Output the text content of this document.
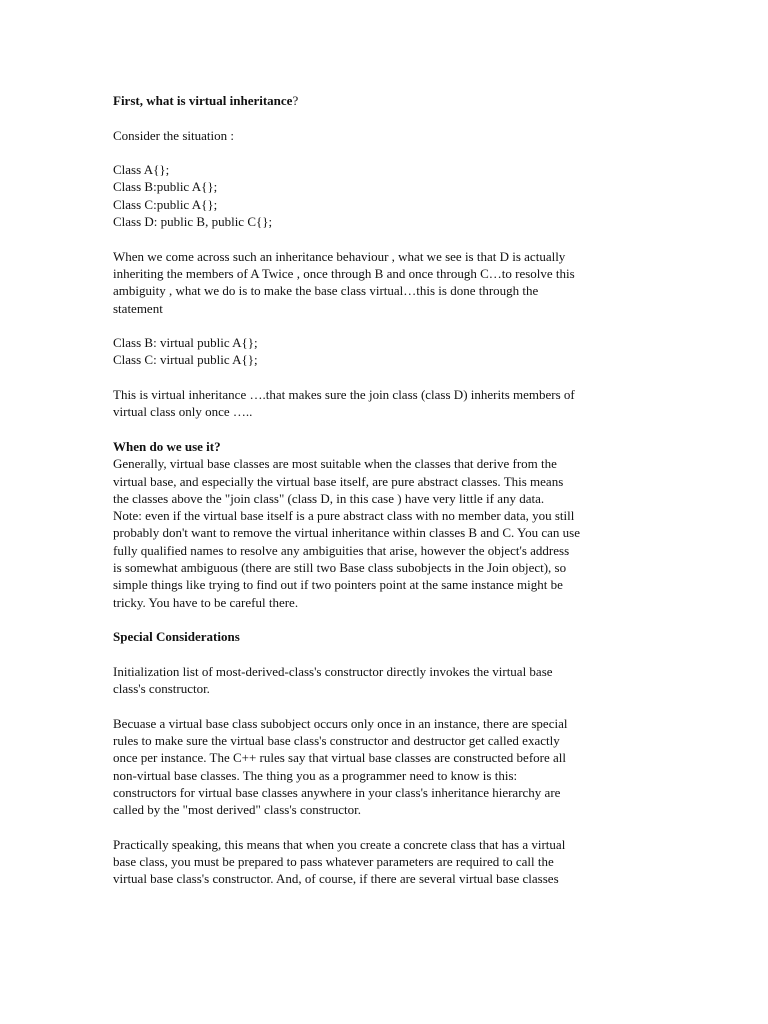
First, what is virtual inheritance?

Consider the situation :

Class A{};
Class B:public A{};
Class C:public A{};
Class D: public B, public C{};

When we come across such an inheritance behaviour , what we see is that D is actually
inheriting the members of A Twice , once through B and once through C…to resolve this
ambiguity , what we do is to make the base class virtual…this is done through the
statement

Class B: virtual public A{};
Class C: virtual public A{};

This is virtual inheritance ….that makes sure the join class (class D) inherits members of
virtual class only once …..

When do we use it?

Generally, virtual base classes are most suitable when the classes that derive from the
virtual base, and especially the virtual base itself, are pure abstract classes. This means
the classes above the "join class" (class D, in this case ) have very little if any data.
Note: even if the virtual base itself is a pure abstract class with no member data, you still
probably don't want to remove the virtual inheritance within classes B and C. You can use
fully qualified names to resolve any ambiguities that arise, however the object's address
is somewhat ambiguous (there are still two Base class subobjects in the Join object), so
simple things like trying to find out if two pointers point at the same instance might be
tricky. You have to be careful there.

Special Considerations

Initialization list of most-derived-class's constructor directly invokes the virtual base
class's constructor.

Becuase a virtual base class subobject occurs only once in an instance, there are special
rules to make sure the virtual base class's constructor and destructor get called exactly
once per instance. The C++ rules say that virtual base classes are constructed before all
non-virtual base classes. The thing you as a programmer need to know is this:
constructors for virtual base classes anywhere in your class's inheritance hierarchy are
called by the "most derived" class's constructor.

Practically speaking, this means that when you create a concrete class that has a virtual
base class, you must be prepared to pass whatever parameters are required to call the
virtual base class's constructor. And, of course, if there are several virtual base classes
